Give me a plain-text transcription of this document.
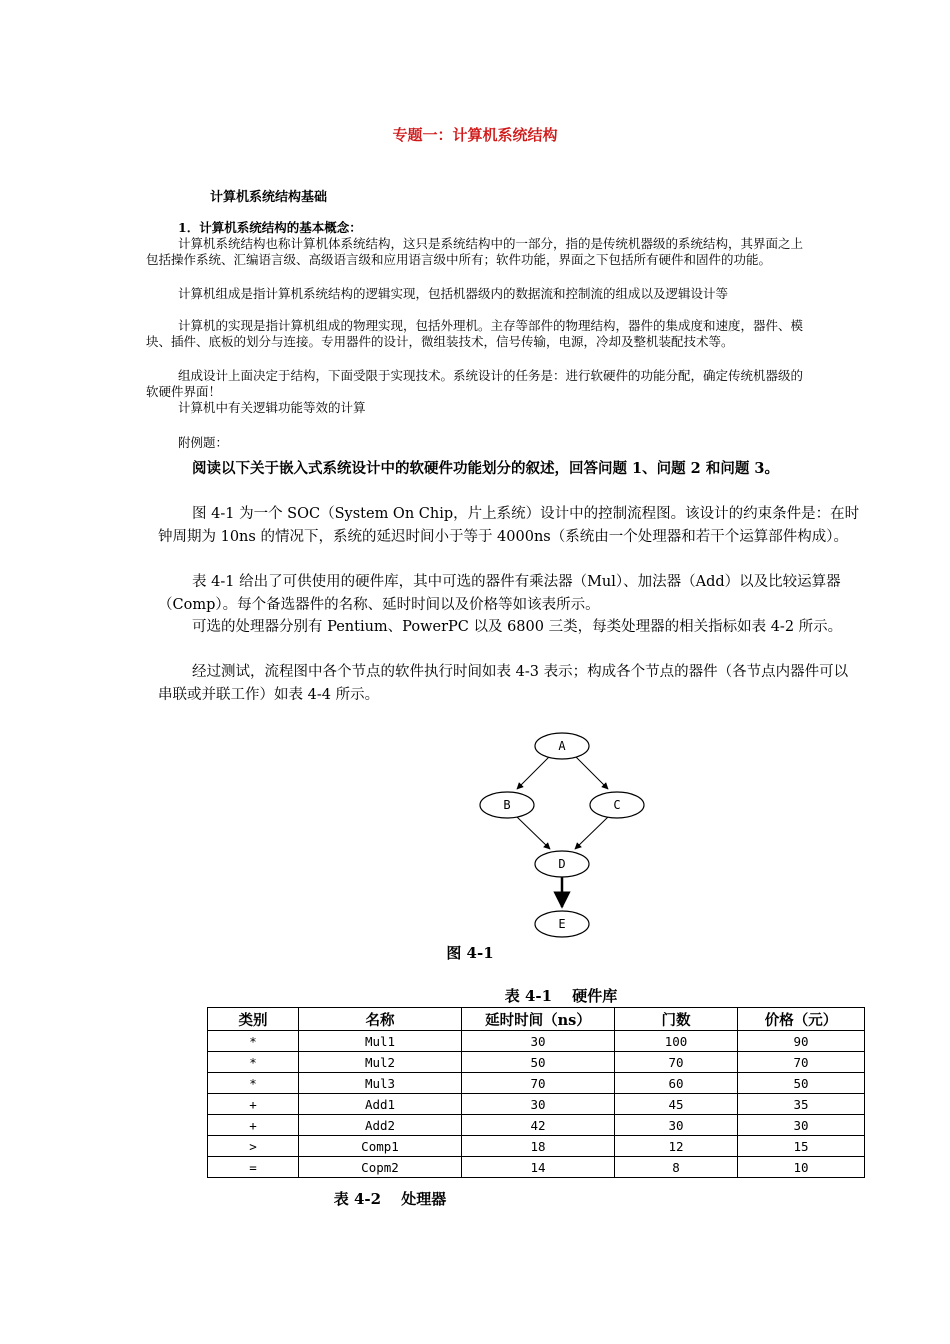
专题一：计算机系统结构
计算机系统结构基础
1．计算机系统结构的基本概念：
计算机系统结构也称计算机体系统结构，这只是系统结构中的一部分，指的是传统机器级的系统结构，其界面之上包括操作系统、汇编语言级、高级语言级和应用语言级中所有；软件功能，界面之下包括所有硬件和固件的功能。
计算机组成是指计算机系统结构的逻辑实现，包括机器级内的数据流和控制流的组成以及逻辑设计等
计算机的实现是指计算机组成的物理实现，包括外理机。主存等部件的物理结构，器件的集成度和速度，器件、模块、插件、底板的划分与连接。专用器件的设计，微组装技术，信号传输，电源，冷却及整机装配技术等。
组成设计上面决定于结构，下面受限于实现技术。系统设计的任务是：进行软硬件的功能分配，确定传统机器级的软硬件界面！
计算机中有关逻辑功能等效的计算
附例题：
阅读以下关于嵌入式系统设计中的软硬件功能划分的叙述，回答问题 1、问题 2 和问题 3。
图 4-1 为一个 SOC（System On Chip，片上系统）设计中的控制流程图。该设计的约束条件是：在时钟周期为 10ns 的情况下，系统的延迟时间小于等于 4000ns（系统由一个处理器和若干个运算部件构成）。
表 4-1 给出了可供使用的硬件库，其中可选的器件有乘法器（Mul）、加法器（Add）以及比较运算器（Comp）。每个备选器件的名称、延时时间以及价格等如该表所示。
可选的处理器分别有 Pentium、PowerPC 以及 6800 三类，每类处理器的相关指标如表 4-2 所示。
经过测试，流程图中各个节点的软件执行时间如表 4-3 表示；构成各个节点的器件（各节点内器件可以串联或并联工作）如表 4-4 所示。
A
B	C
D
E
图 4-1
表 4-1　 硬件库
类别	名称	延时时间（ns）	门数	价格（元）
*	Mul1	30	100	90
*	Mul2	50	70	70
*	Mul3	70	60	50
+	Add1	30	45	35
+	Add2	42	30	30
>	Comp1	18	12	15
=	Copm2	14	8	10
表 4-2　 处理器
